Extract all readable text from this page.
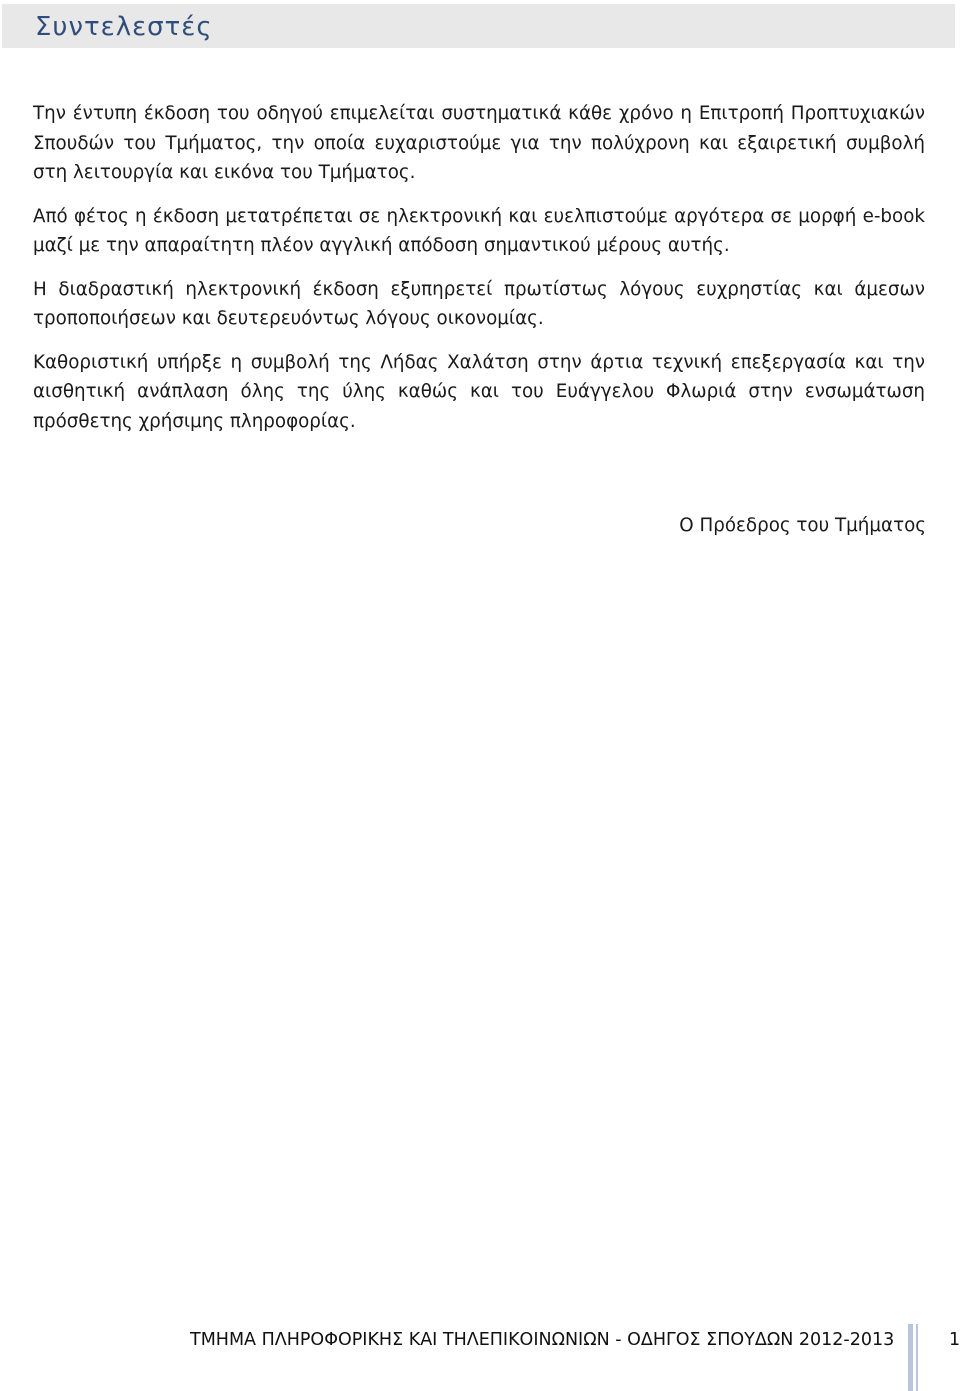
Συντελεστές

Την έντυπη έκδοση του οδηγού επιμελείται συστηματικά κάθε χρόνο η Επιτροπή Προπτυχιακών Σπουδών του Τμήματος, την οποία ευχαριστούμε για την πολύχρονη και εξαιρετική συμβολή στη λειτουργία και εικόνα του Τμήματος.

Από φέτος η έκδοση μετατρέπεται σε ηλεκτρονική και ευελπιστούμε αργότερα σε μορφή e-book μαζί με την απαραίτητη πλέον αγγλική απόδοση σημαντικού μέρους αυτής.

Η διαδραστική ηλεκτρονική έκδοση εξυπηρετεί πρωτίστως λόγους ευχρηστίας και άμεσων τροποποιήσεων και δευτερευόντως λόγους οικονομίας.

Καθοριστική υπήρξε η συμβολή της Λήδας Χαλάτση στην άρτια τεχνική επεξεργασία και την αισθητική ανάπλαση όλης της ύλης καθώς και του Ευάγγελου Φλωριά στην ενσωμάτωση πρόσθετης χρήσιμης πληροφορίας.

Ο Πρόεδρος του Τμήματος
ΤΜΗΜΑ ΠΛΗΡΟΦΟΡΙΚΗΣ ΚΑΙ ΤΗΛΕΠΙΚΟΙΝΩΝΙΩΝ - ΟΔΗΓΟΣ ΣΠΟΥΔΩΝ 2012-2013	1
